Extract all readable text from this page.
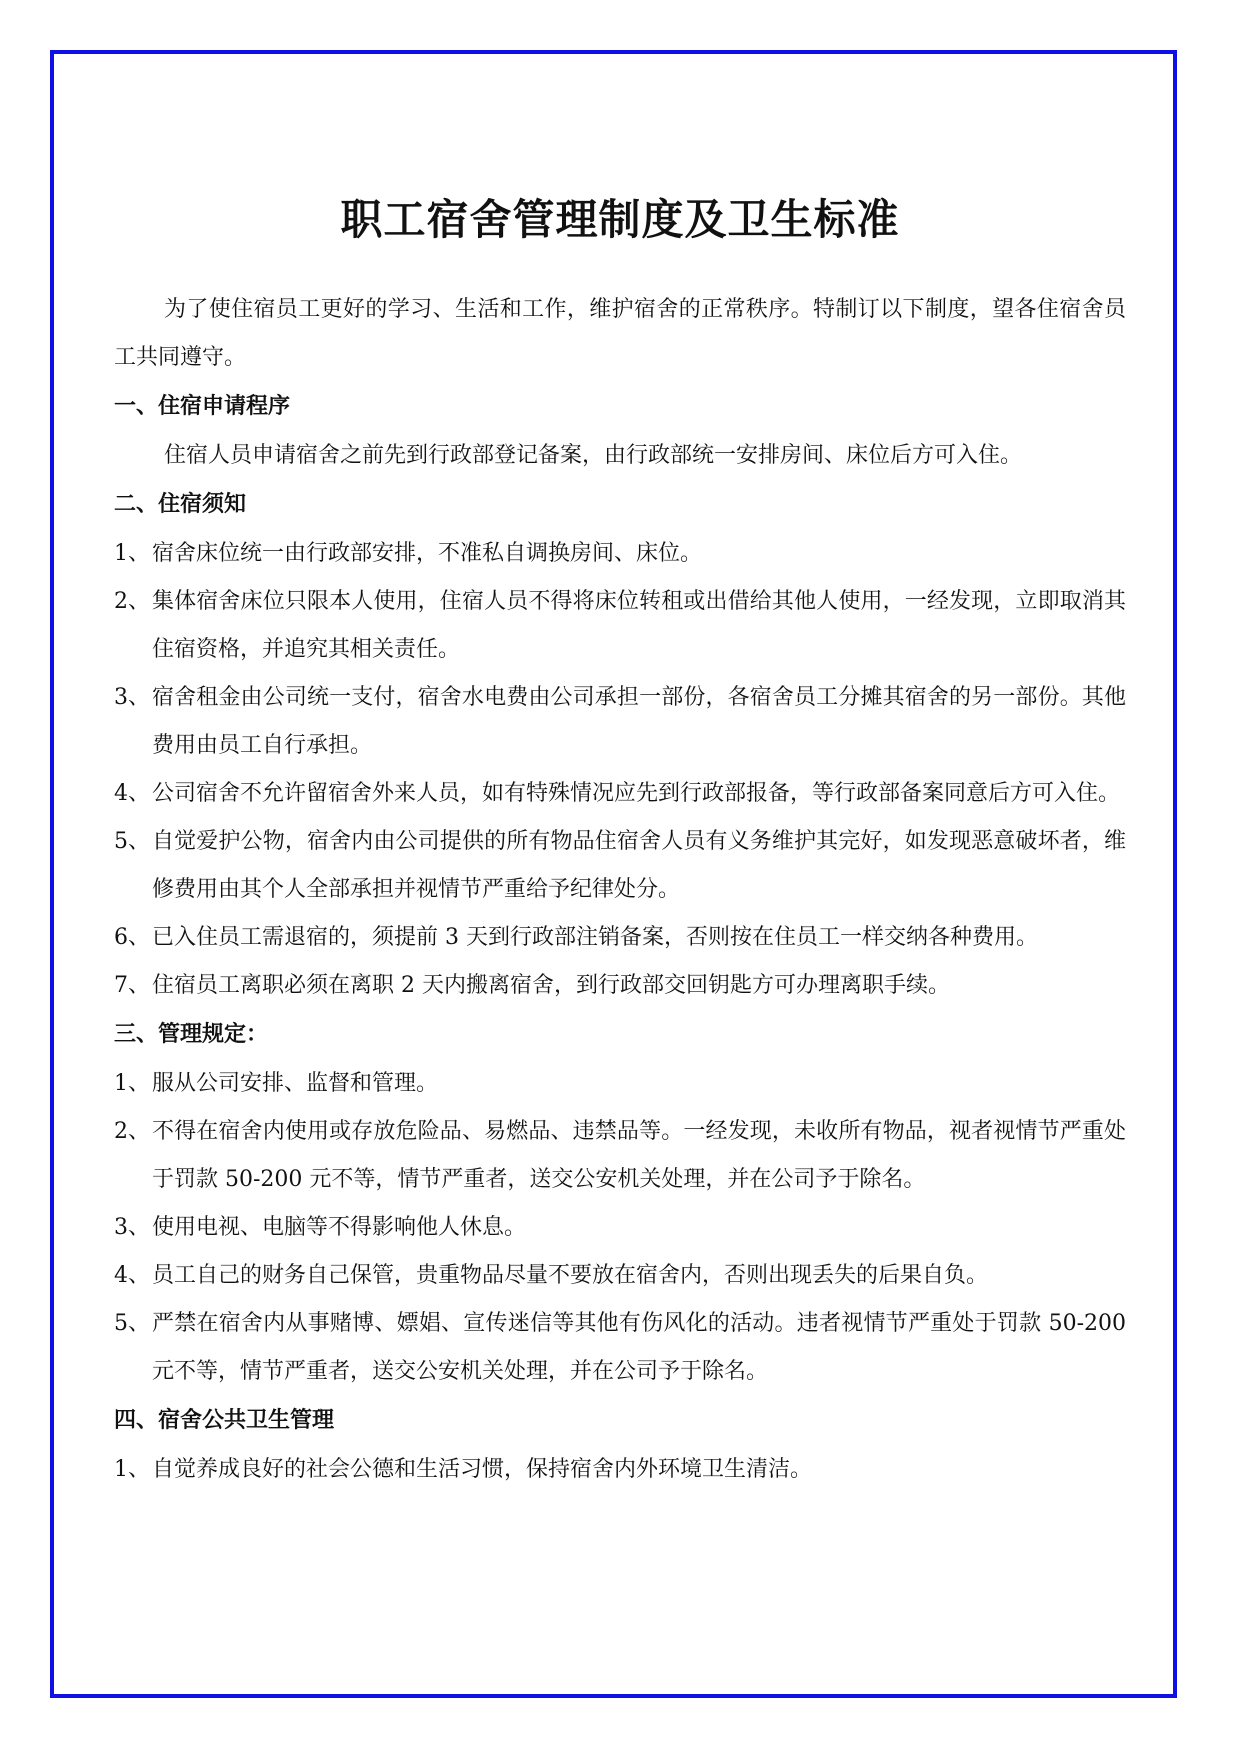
职工宿舍管理制度及卫生标准

为了使住宿员工更好的学习、生活和工作，维护宿舍的正常秩序。特制订以下制度，望各住宿舍员工共同遵守。

一、住宿申请程序

住宿人员申请宿舍之前先到行政部登记备案，由行政部统一安排房间、床位后方可入住。

二、住宿须知
1、 宿舍床位统一由行政部安排，不准私自调换房间、床位。
2、 集体宿舍床位只限本人使用，住宿人员不得将床位转租或出借给其他人使用，一经发现，立即取消其住宿资格，并追究其相关责任。
3、 宿舍租金由公司统一支付，宿舍水电费由公司承担一部份，各宿舍员工分摊其宿舍的另一部份。其他费用由员工自行承担。
4、 公司宿舍不允许留宿舍外来人员，如有特殊情况应先到行政部报备，等行政部备案同意后方可入住。
5、 自觉爱护公物，宿舍内由公司提供的所有物品住宿舍人员有义务维护其完好，如发现恶意破坏者，维修费用由其个人全部承担并视情节严重给予纪律处分。
6、 已入住员工需退宿的，须提前 3 天到行政部注销备案，否则按在住员工一样交纳各种费用。
7、 住宿员工离职必须在离职 2 天内搬离宿舍，到行政部交回钥匙方可办理离职手续。
三、管理规定：
1、 服从公司安排、监督和管理。
2、 不得在宿舍内使用或存放危险品、易燃品、违禁品等。一经发现，未收所有物品，视者视情节严重处于罚款 50-200 元不等，情节严重者，送交公安机关处理，并在公司予于除名。
3、 使用电视、电脑等不得影响他人休息。
4、 员工自己的财务自己保管，贵重物品尽量不要放在宿舍内，否则出现丢失的后果自负。
5、 严禁在宿舍内从事赌博、嫖娼、宣传迷信等其他有伤风化的活动。违者视情节严重处于罚款 50-200 元不等，情节严重者，送交公安机关处理，并在公司予于除名。
四、宿舍公共卫生管理
1、 自觉养成良好的社会公德和生活习惯，保持宿舍内外环境卫生清洁。
